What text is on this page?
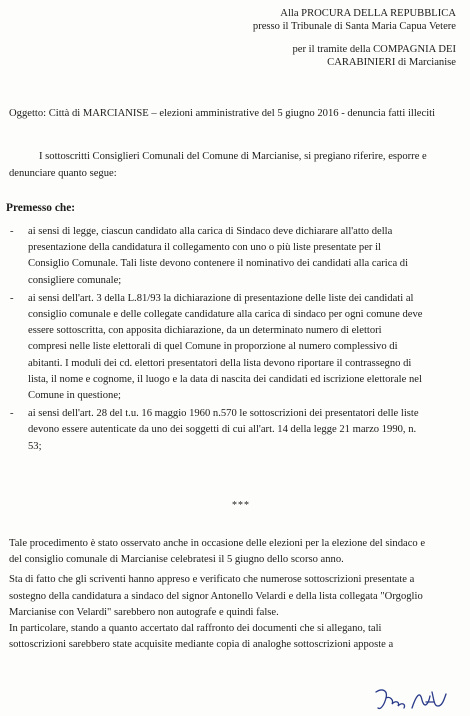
Alla PROCURA DELLA REPUBBLICA
presso il Tribunale di Santa Maria Capua Vetere
per il tramite della COMPAGNIA DEI
CARABINIERI di Marcianise
Oggetto: Città di MARCIANISE – elezioni amministrative del 5 giugno 2016 - denuncia fatti illeciti
I sottoscritti Consiglieri Comunali del Comune di Marcianise, si pregiano riferire, esporre e
denunciare quanto segue:
Premesso che:
- ai sensi di legge, ciascun candidato alla carica di Sindaco deve dichiarare all'atto della
presentazione della candidatura il collegamento con uno o più liste presentate per il
Consiglio Comunale. Tali liste devono contenere il nominativo dei candidati alla carica di
consigliere comunale;
- ai sensi dell'art. 3 della L.81/93 la dichiarazione di presentazione delle liste dei candidati al
consiglio comunale e delle collegate candidature alla carica di sindaco per ogni comune deve
essere sottoscritta, con apposita dichiarazione, da un determinato numero di elettori
compresi nelle liste elettorali di quel Comune in proporzione al numero complessivo di
abitanti. I moduli dei cd. elettori presentatori della lista devono riportare il contrassegno di
lista, il nome e cognome, il luogo e la data di nascita dei candidati ed iscrizione elettorale nel
Comune in questione;
- ai sensi dell'art. 28 del t.u. 16 maggio 1960 n.570 le sottoscrizioni dei presentatori delle liste
devono essere autenticate da uno dei soggetti di cui all'art. 14 della legge 21 marzo 1990, n.
53;
***
Tale procedimento è stato osservato anche in occasione delle elezioni per la elezione del sindaco e
del consiglio comunale di Marcianise celebratesi il 5 giugno dello scorso anno.
Sta di fatto che gli scriventi hanno appreso e verificato che numerose sottoscrizioni presentate a
sostegno della candidatura a sindaco del signor Antonello Velardi e della lista collegata "Orgoglio
Marcianise con Velardi" sarebbero non autografe e quindi false.
In particolare, stando a quanto accertato dal raffronto dei documenti che si allegano, tali
sottoscrizioni sarebbero state acquisite mediante copia di analoghe sottoscrizioni apposte a
